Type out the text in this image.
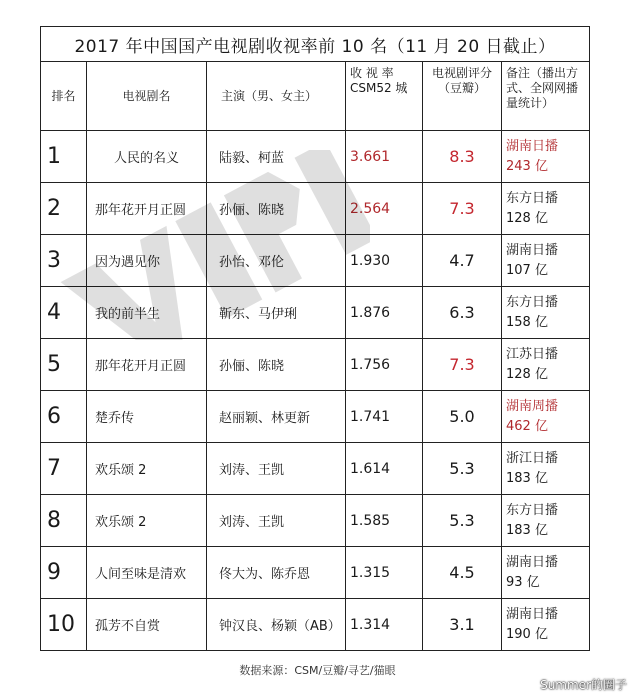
2017 年中国国产电视剧收视率前 10 名（11 月 20 日截止）					
排名	电视剧名	主演（男、女主）	收 视 率 CSM52 城	电视剧评分（豆瓣）	备注（播出方式、全网网播量统计）
1	人民的名义	陆毅、柯蓝	3.661	8.3	湖南日播
243 亿
2	那年花开月正圆	孙俪、陈晓	2.564	7.3	东方日播
128 亿
3	因为遇见你	孙怡、邓伦	1.930	4.7	湖南日播
107 亿
4	我的前半生	靳东、马伊琍	1.876	6.3	东方日播
158 亿
5	那年花开月正圆	孙俪、陈晓	1.756	7.3	江苏日播
128 亿
6	楚乔传	赵丽颖、林更新	1.741	5.0	湖南周播
462 亿
7	欢乐颂 2	刘涛、王凯	1.614	5.3	浙江日播
183 亿
8	欢乐颂 2	刘涛、王凯	1.585	5.3	东方日播
183 亿
9	人间至味是清欢	佟大为、陈乔恩	1.315	4.5	湖南日播
93 亿
10	孤芳不自赏	钟汉良、杨颖（AB）	1.314	3.1	湖南日播
190 亿
数据来源：CSM/豆瓣/寻艺/猫眼
Summer的圈子
